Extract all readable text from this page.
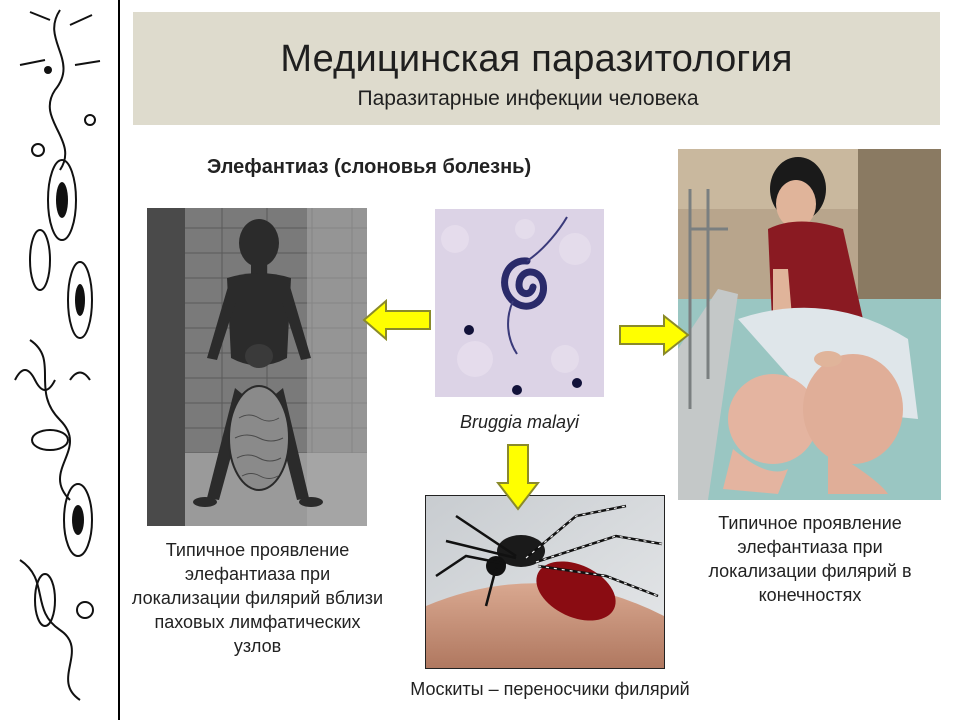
Медицинская паразитология
Паразитарные инфекции человека
Элефантиаз (слоновья болезнь)
Bruggia malayi
Типичное проявление
элефантиаза при
локализации филярий вблизи
паховых лимфатических
узлов
Типичное проявление
элефантиаза при
локализации филярий в
конечностях
Москиты – переносчики филярий
